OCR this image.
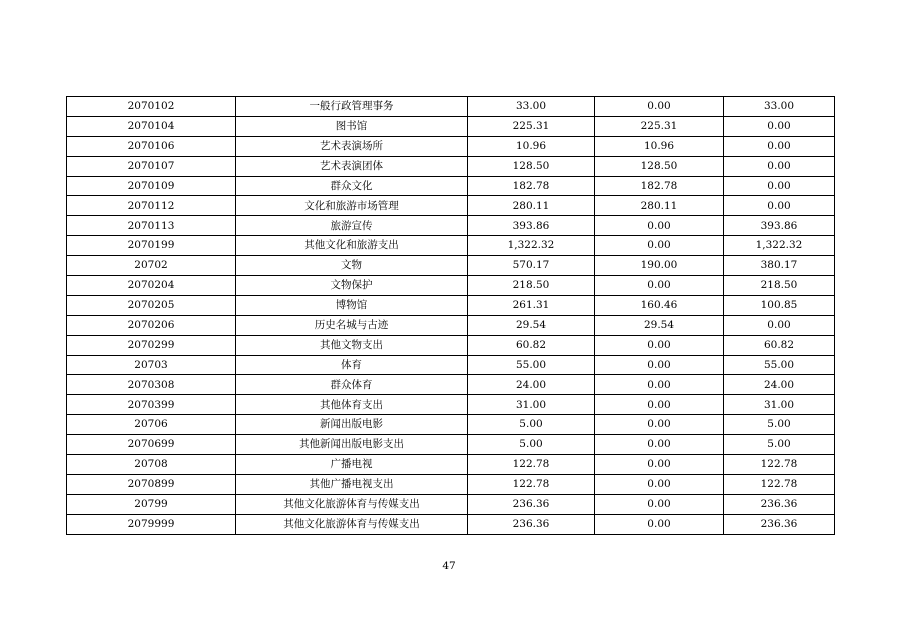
2070102	一般行政管理事务	33.00	0.00	33.00
2070104	图书馆	225.31	225.31	0.00
2070106	艺术表演场所	10.96	10.96	0.00
2070107	艺术表演团体	128.50	128.50	0.00
2070109	群众文化	182.78	182.78	0.00
2070112	文化和旅游市场管理	280.11	280.11	0.00
2070113	旅游宣传	393.86	0.00	393.86
2070199	其他文化和旅游支出	1,322.32	0.00	1,322.32
20702	文物	570.17	190.00	380.17
2070204	文物保护	218.50	0.00	218.50
2070205	博物馆	261.31	160.46	100.85
2070206	历史名城与古迹	29.54	29.54	0.00
2070299	其他文物支出	60.82	0.00	60.82
20703	体育	55.00	0.00	55.00
2070308	群众体育	24.00	0.00	24.00
2070399	其他体育支出	31.00	0.00	31.00
20706	新闻出版电影	5.00	0.00	5.00
2070699	其他新闻出版电影支出	5.00	0.00	5.00
20708	广播电视	122.78	0.00	122.78
2070899	其他广播电视支出	122.78	0.00	122.78
20799	其他文化旅游体育与传媒支出	236.36	0.00	236.36
2079999	其他文化旅游体育与传媒支出	236.36	0.00	236.36
47
